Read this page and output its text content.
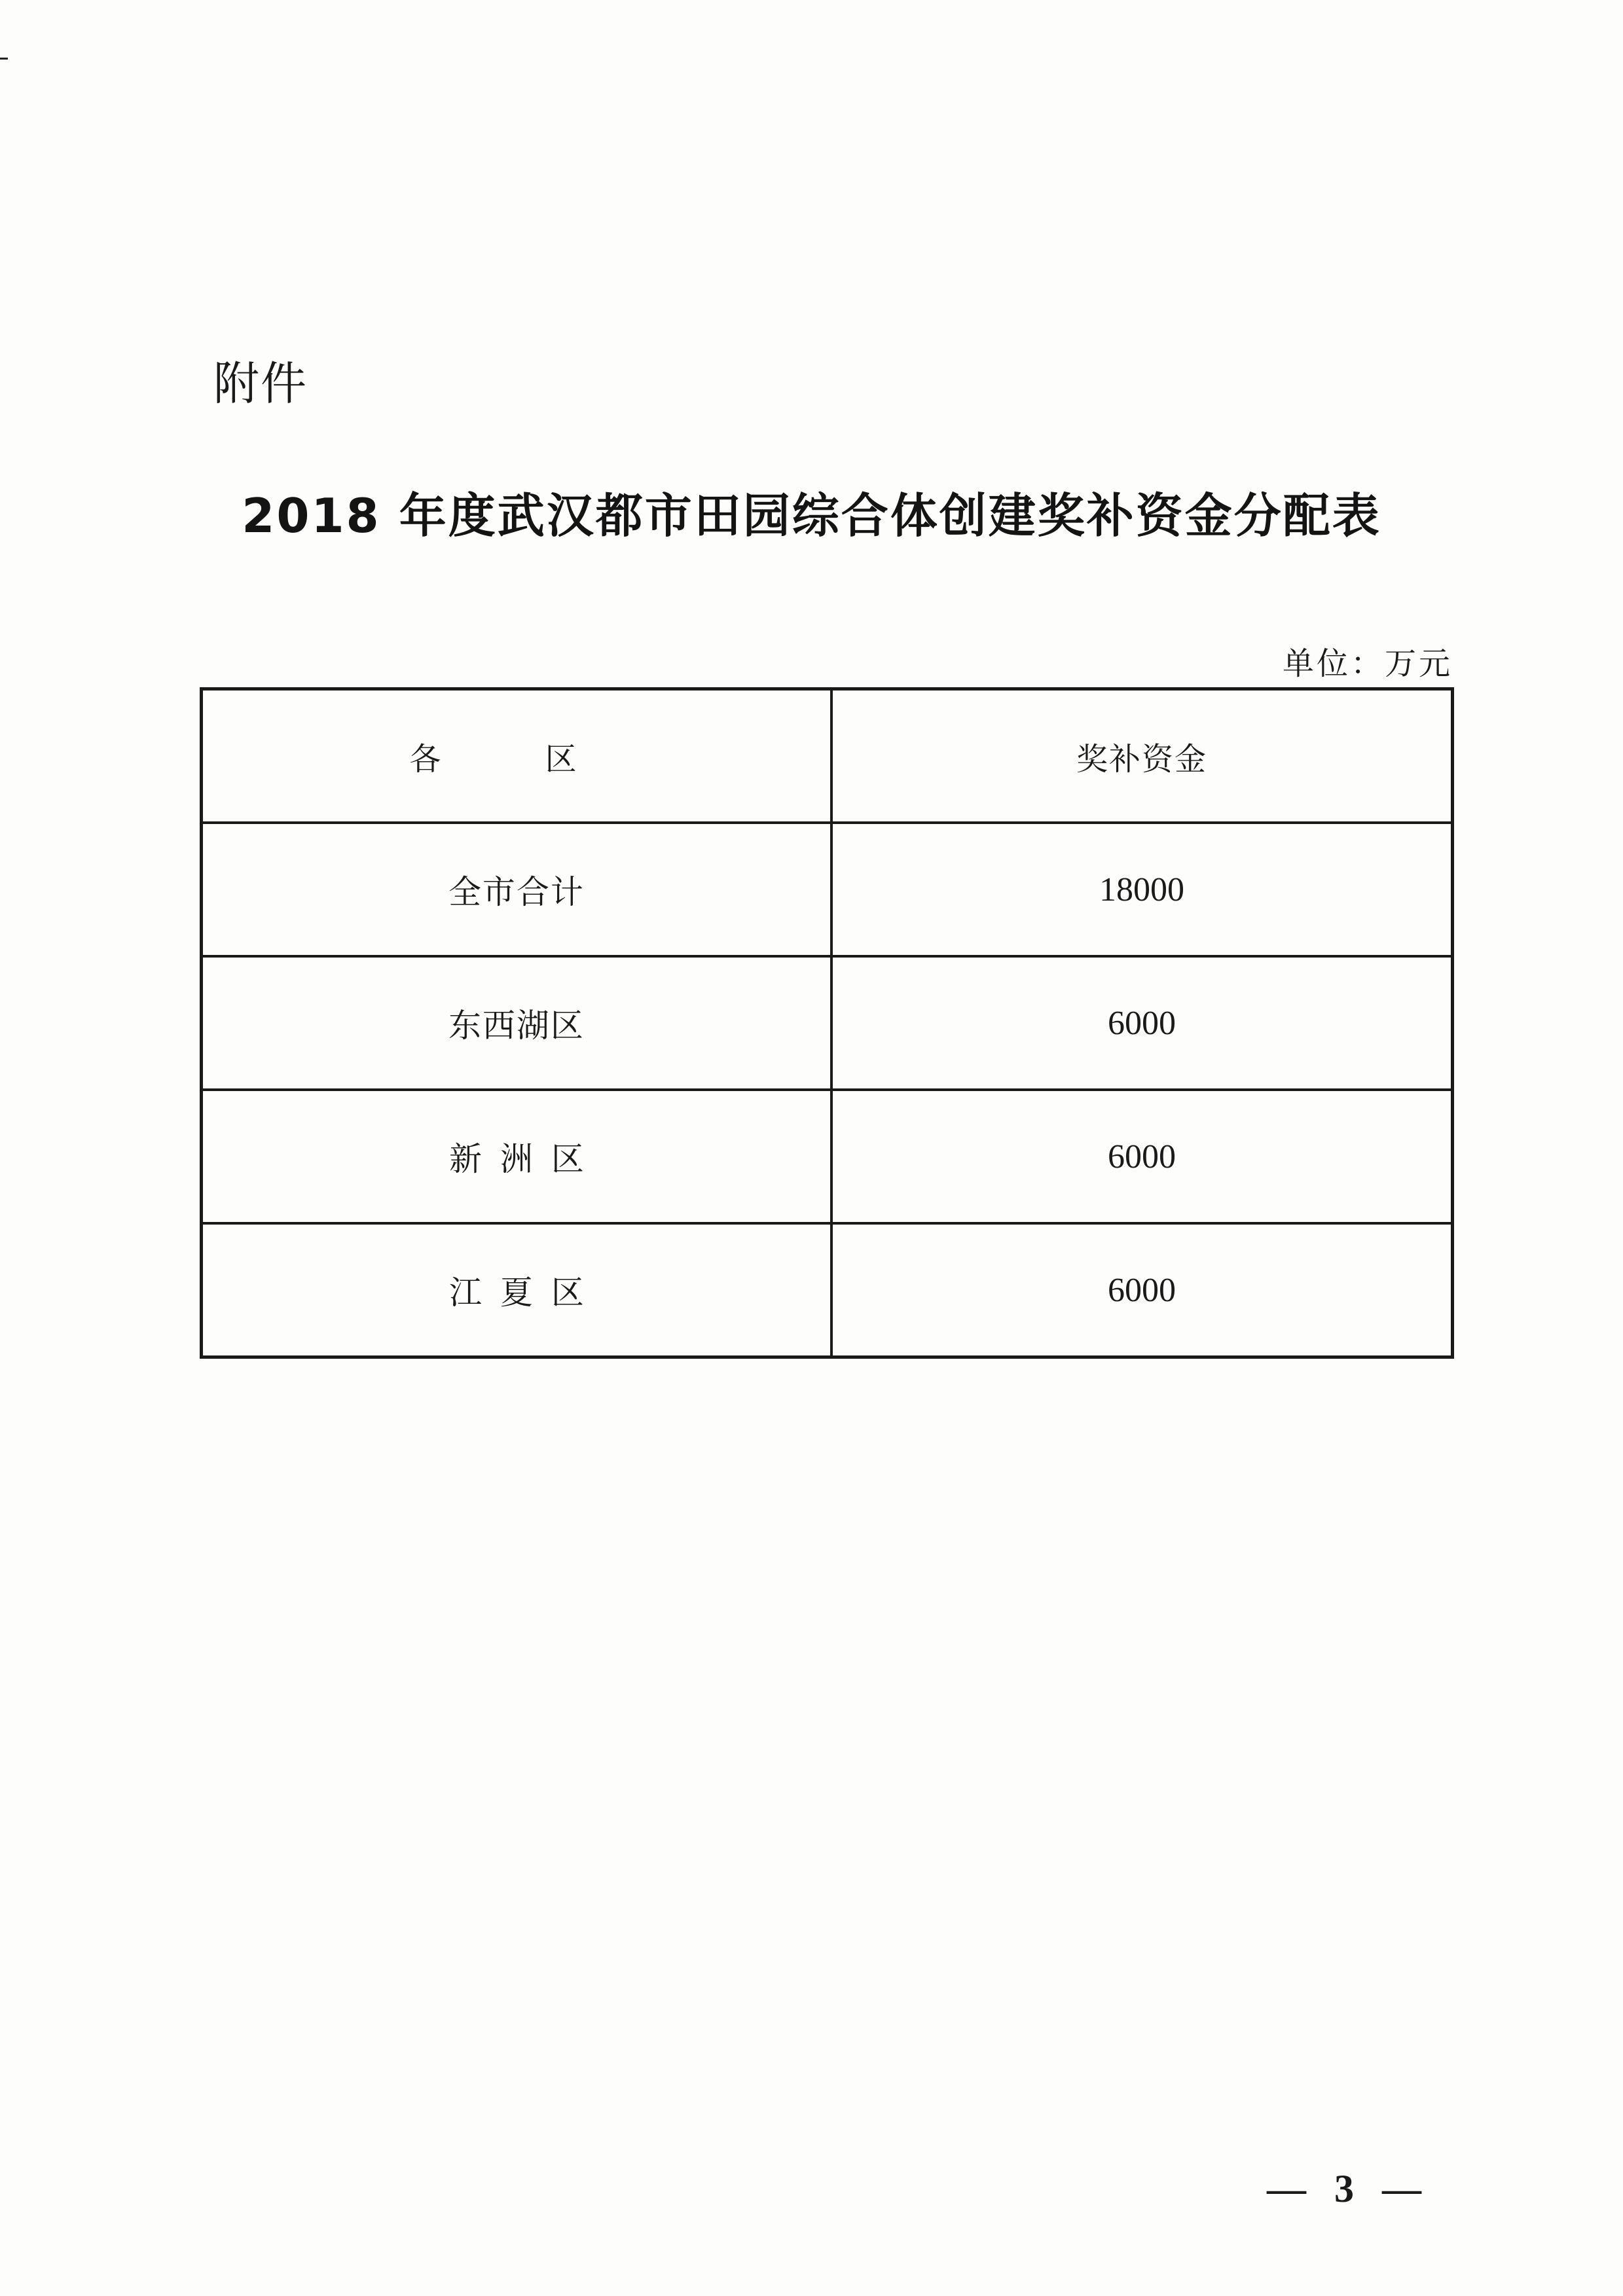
附件
2018 年度武汉都市田园综合体创建奖补资金分配表
单位：万元
各 区	奖补资金
全市合计	18000
东西湖区	6000
新洲区	6000
江夏区	6000
— 3 —
